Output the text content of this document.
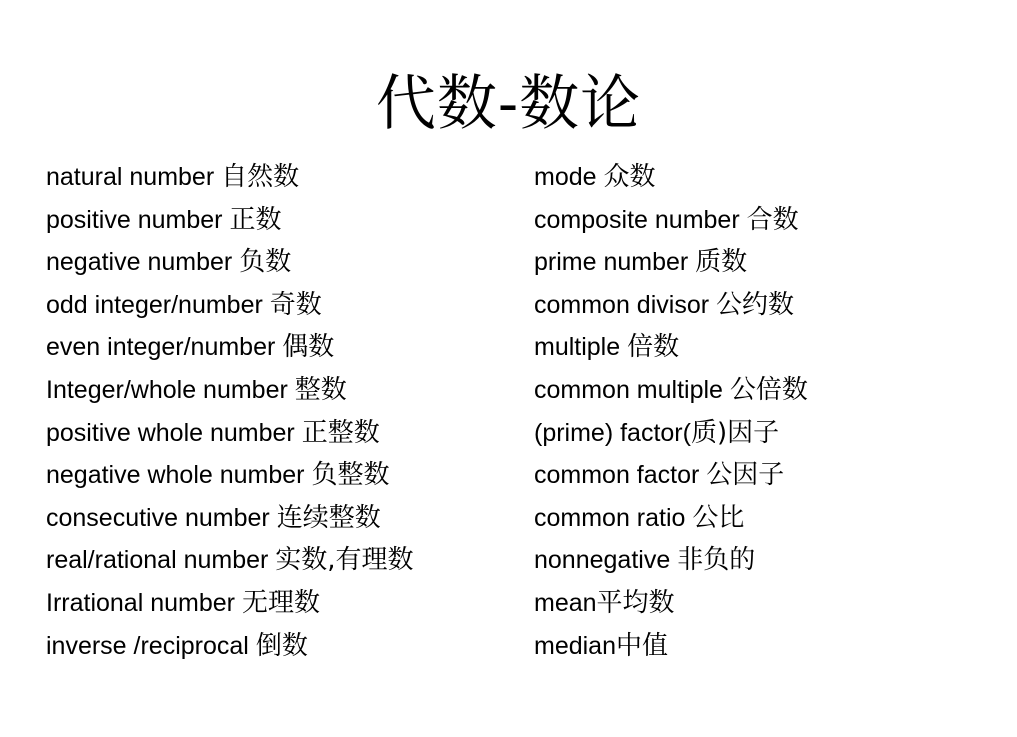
代数-数论
natural number 自然数
positive number 正数
negative number 负数
odd integer/number 奇数
even integer/number 偶数
Integer/whole number 整数
positive whole number 正整数
negative whole number 负整数
consecutive number 连续整数
real/rational number 实数,有理数
Irrational number 无理数
inverse /reciprocal 倒数
mode 众数
composite number 合数
prime number 质数
common divisor 公约数
multiple 倍数
common multiple 公倍数
(prime) factor(质)因子
common factor 公因子
common ratio 公比
nonnegative 非负的
mean平均数
median中值
